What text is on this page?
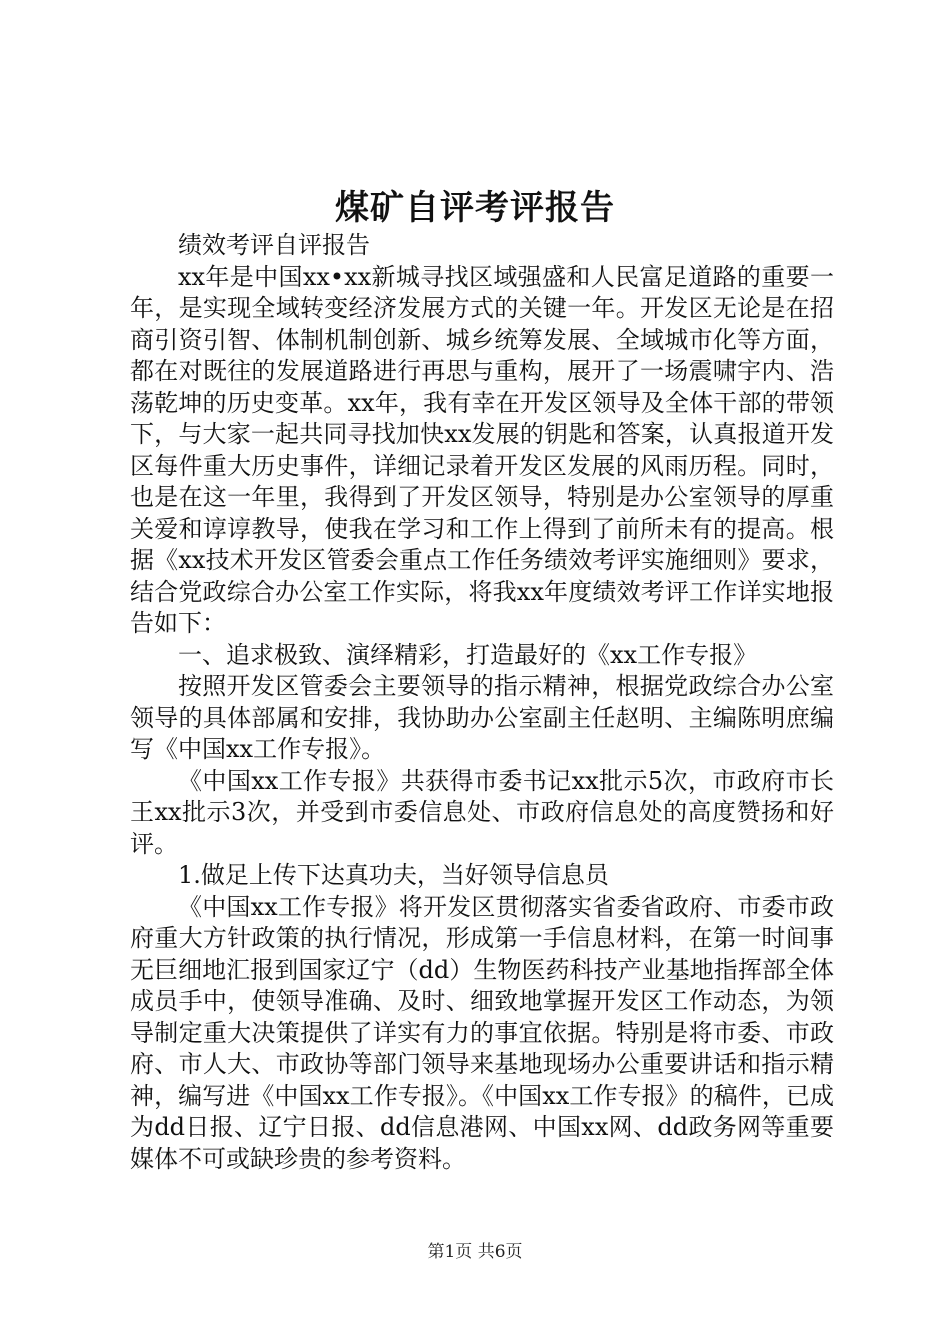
煤矿自评考评报告

绩效考评自评报告

xx年是中国xx•xx新城寻找区域强盛和人民富足道路的重要一年，是实现全域转变经济发展方式的关键一年。开发区无论是在招商引资引智、体制机制创新、城乡统筹发展、全域城市化等方面，都在对既往的发展道路进行再思与重构，展开了一场震啸宇内、浩荡乾坤的历史变革。xx年，我有幸在开发区领导及全体干部的带领下，与大家一起共同寻找加快xx发展的钥匙和答案，认真报道开发区每件重大历史事件，详细记录着开发区发展的风雨历程。同时，也是在这一年里，我得到了开发区领导，特别是办公室领导的厚重关爱和谆谆教导，使我在学习和工作上得到了前所未有的提高。根据《xx技术开发区管委会重点工作任务绩效考评实施细则》要求，结合党政综合办公室工作实际，将我xx年度绩效考评工作详实地报告如下：

一、追求极致、演绎精彩，打造最好的《xx工作专报》

按照开发区管委会主要领导的指示精神，根据党政综合办公室领导的具体部属和安排，我协助办公室副主任赵明、主编陈明庶编写《中国xx工作专报》。

《中国xx工作专报》共获得市委书记xx批示5次，市政府市长王xx批示3次，并受到市委信息处、市政府信息处的高度赞扬和好评。

1.做足上传下达真功夫，当好领导信息员

《中国xx工作专报》将开发区贯彻落实省委省政府、市委市政府重大方针政策的执行情况，形成第一手信息材料，在第一时间事无巨细地汇报到国家辽宁（dd）生物医药科技产业基地指挥部全体成员手中，使领导准确、及时、细致地掌握开发区工作动态，为领导制定重大决策提供了详实有力的事宜依据。特别是将市委、市政府、市人大、市政协等部门领导来基地现场办公重要讲话和指示精神，编写进《中国xx工作专报》。《中国xx工作专报》的稿件，已成为dd日报、辽宁日报、dd信息港网、中国xx网、dd政务网等重要媒体不可或缺珍贵的参考资料。

第1页 共6页
